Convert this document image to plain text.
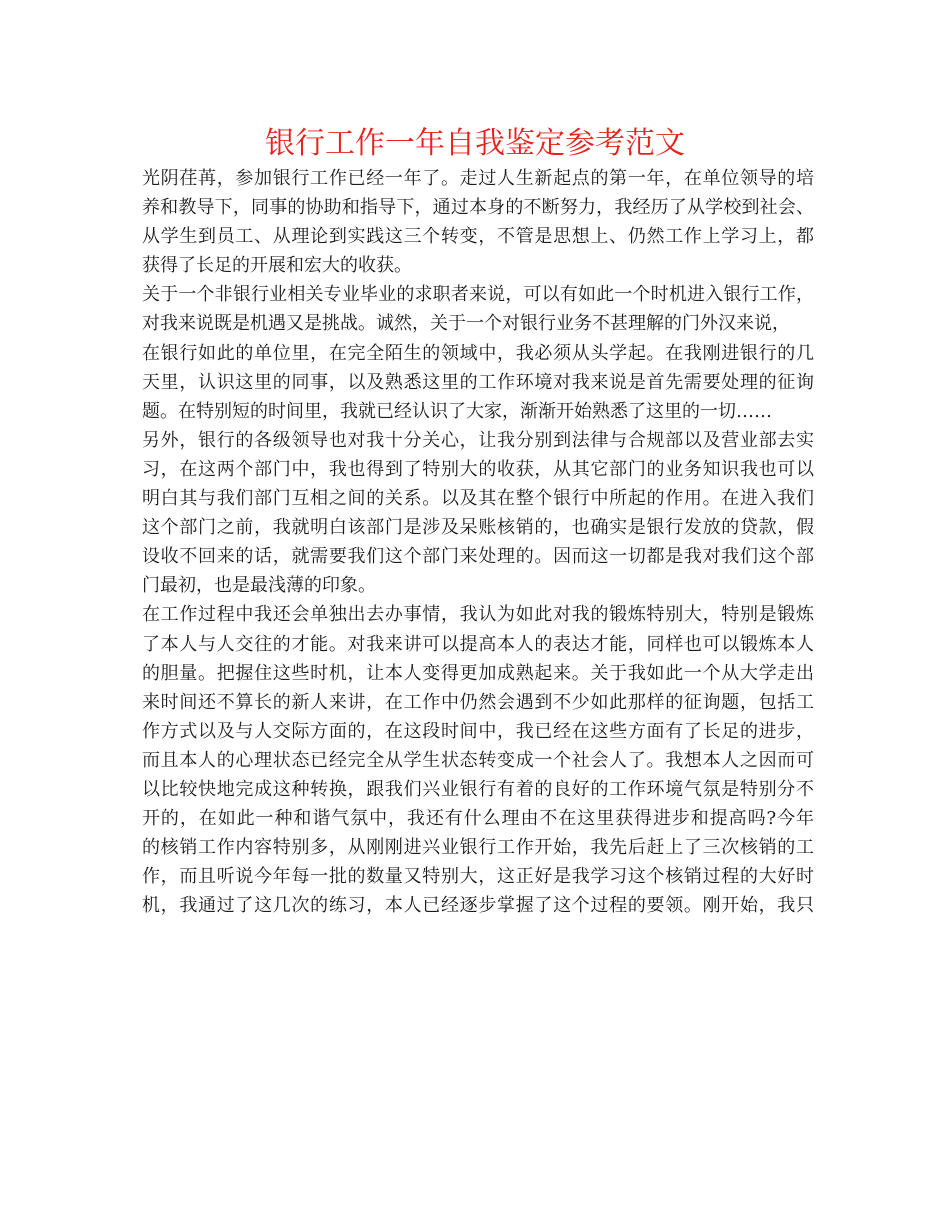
银行工作一年自我鉴定参考范文
光阴荏苒，参加银行工作已经一年了。走过人生新起点的第一年，在单位领导的培
养和教导下，同事的协助和指导下，通过本身的不断努力，我经历了从学校到社会、
从学生到员工、从理论到实践这三个转变，不管是思想上、仍然工作上学习上，都
获得了长足的开展和宏大的收获。
关于一个非银行业相关专业毕业的求职者来说，可以有如此一个时机进入银行工作，
对我来说既是机遇又是挑战。诚然，关于一个对银行业务不甚理解的门外汉来说，
在银行如此的单位里，在完全陌生的领域中，我必须从头学起。在我刚进银行的几
天里，认识这里的同事，以及熟悉这里的工作环境对我来说是首先需要处理的征询
题。在特别短的时间里，我就已经认识了大家，渐渐开始熟悉了这里的一切……
另外，银行的各级领导也对我十分关心，让我分别到法律与合规部以及营业部去实
习，在这两个部门中，我也得到了特别大的收获，从其它部门的业务知识我也可以
明白其与我们部门互相之间的关系。以及其在整个银行中所起的作用。在进入我们
这个部门之前，我就明白该部门是涉及呆账核销的，也确实是银行发放的贷款，假
设收不回来的话，就需要我们这个部门来处理的。因而这一切都是我对我们这个部
门最初，也是最浅薄的印象。
在工作过程中我还会单独出去办事情，我认为如此对我的锻炼特别大，特别是锻炼
了本人与人交往的才能。对我来讲可以提高本人的表达才能，同样也可以锻炼本人
的胆量。把握住这些时机，让本人变得更加成熟起来。关于我如此一个从大学走出
来时间还不算长的新人来讲，在工作中仍然会遇到不少如此那样的征询题，包括工
作方式以及与人交际方面的，在这段时间中，我已经在这些方面有了长足的进步，
而且本人的心理状态已经完全从学生状态转变成一个社会人了。我想本人之因而可
以比较快地完成这种转换，跟我们兴业银行有着的良好的工作环境气氛是特别分不
开的，在如此一种和谐气氛中，我还有什么理由不在这里获得进步和提高吗?今年
的核销工作内容特别多，从刚刚进兴业银行工作开始，我先后赶上了三次核销的工
作，而且听说今年每一批的数量又特别大，这正好是我学习这个核销过程的大好时
机，我通过了这几次的练习，本人已经逐步掌握了这个过程的要领。刚开始，我只
